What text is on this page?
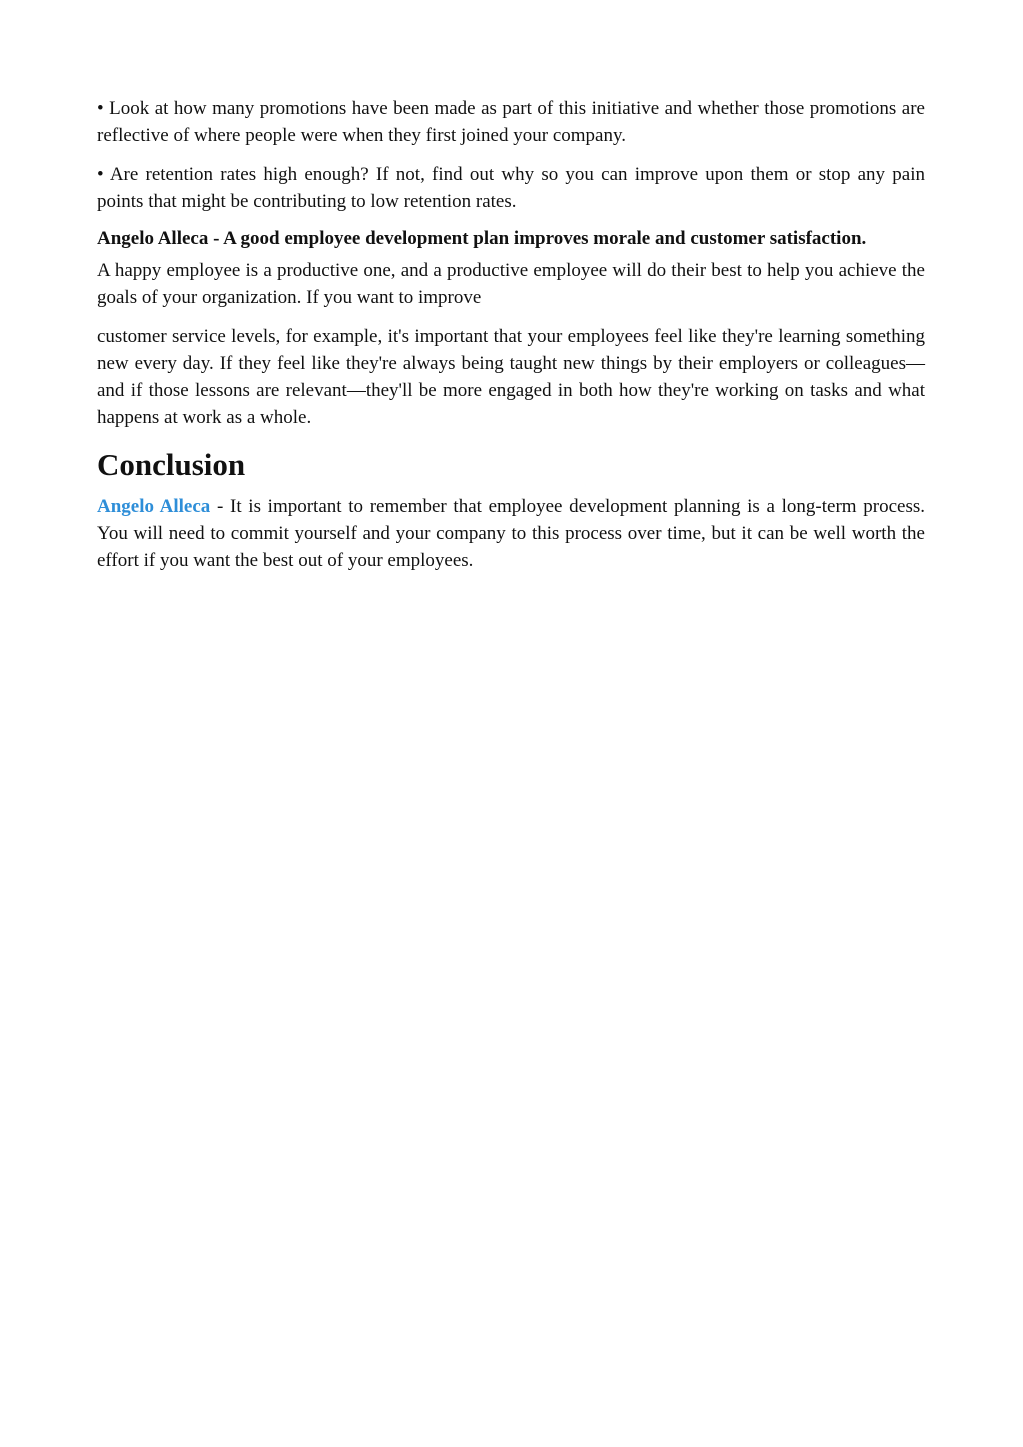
• Look at how many promotions have been made as part of this initiative and whether those promotions are reflective of where people were when they first joined your company.

• Are retention rates high enough? If not, find out why so you can improve upon them or stop any pain points that might be contributing to low retention rates.

Angelo Alleca - A good employee development plan improves morale and customer satisfaction.

A happy employee is a productive one, and a productive employee will do their best to help you achieve the goals of your organization. If you want to improve

customer service levels, for example, it's important that your employees feel like they're learning something new every day. If they feel like they're always being taught new things by their employers or colleagues—and if those lessons are relevant—they'll be more engaged in both how they're working on tasks and what happens at work as a whole.

Conclusion

Angelo Alleca - It is important to remember that employee development planning is a long-term process. You will need to commit yourself and your company to this process over time, but it can be well worth the effort if you want the best out of your employees.
